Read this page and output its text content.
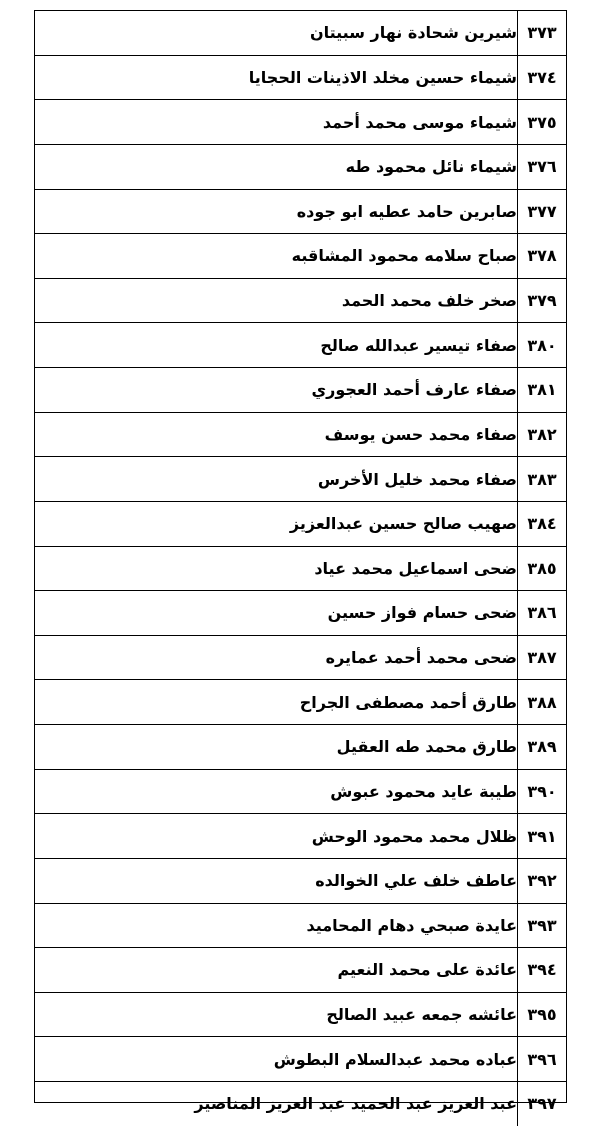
٣٧٣	شيرين شحادة نهار سبيتان
٣٧٤	شيماء حسين مخلد الاذينات الحجايا
٣٧٥	شيماء موسى محمد أحمد
٣٧٦	شيماء نائل محمود طه
٣٧٧	صابرين حامد عطيه ابو جوده
٣٧٨	صباح سلامه محمود المشاقبه
٣٧٩	صخر خلف محمد الحمد
٣٨٠	صفاء تيسير عبدالله صالح
٣٨١	صفاء عارف أحمد العجوري
٣٨٢	صفاء محمد حسن يوسف
٣٨٣	صفاء محمد خليل الأخرس
٣٨٤	صهيب صالح حسين عبدالعزيز
٣٨٥	ضحى اسماعيل محمد عياد
٣٨٦	ضحى حسام فواز حسين
٣٨٧	ضحى محمد أحمد عمايره
٣٨٨	طارق أحمد مصطفى الجراح
٣٨٩	طارق محمد طه العقيل
٣٩٠	طيبة عايد محمود عبوش
٣٩١	ظلال محمد محمود الوحش
٣٩٢	عاطف خلف علي الخوالده
٣٩٣	عايدة صبحي دهام المحاميد
٣٩٤	عائدة على محمد النعيم
٣٩٥	عائشه جمعه عبيد الصالح
٣٩٦	عباده محمد عبدالسلام البطوش
٣٩٧	عبد العزيز عبد الحميد عبد العزيز المناصير
